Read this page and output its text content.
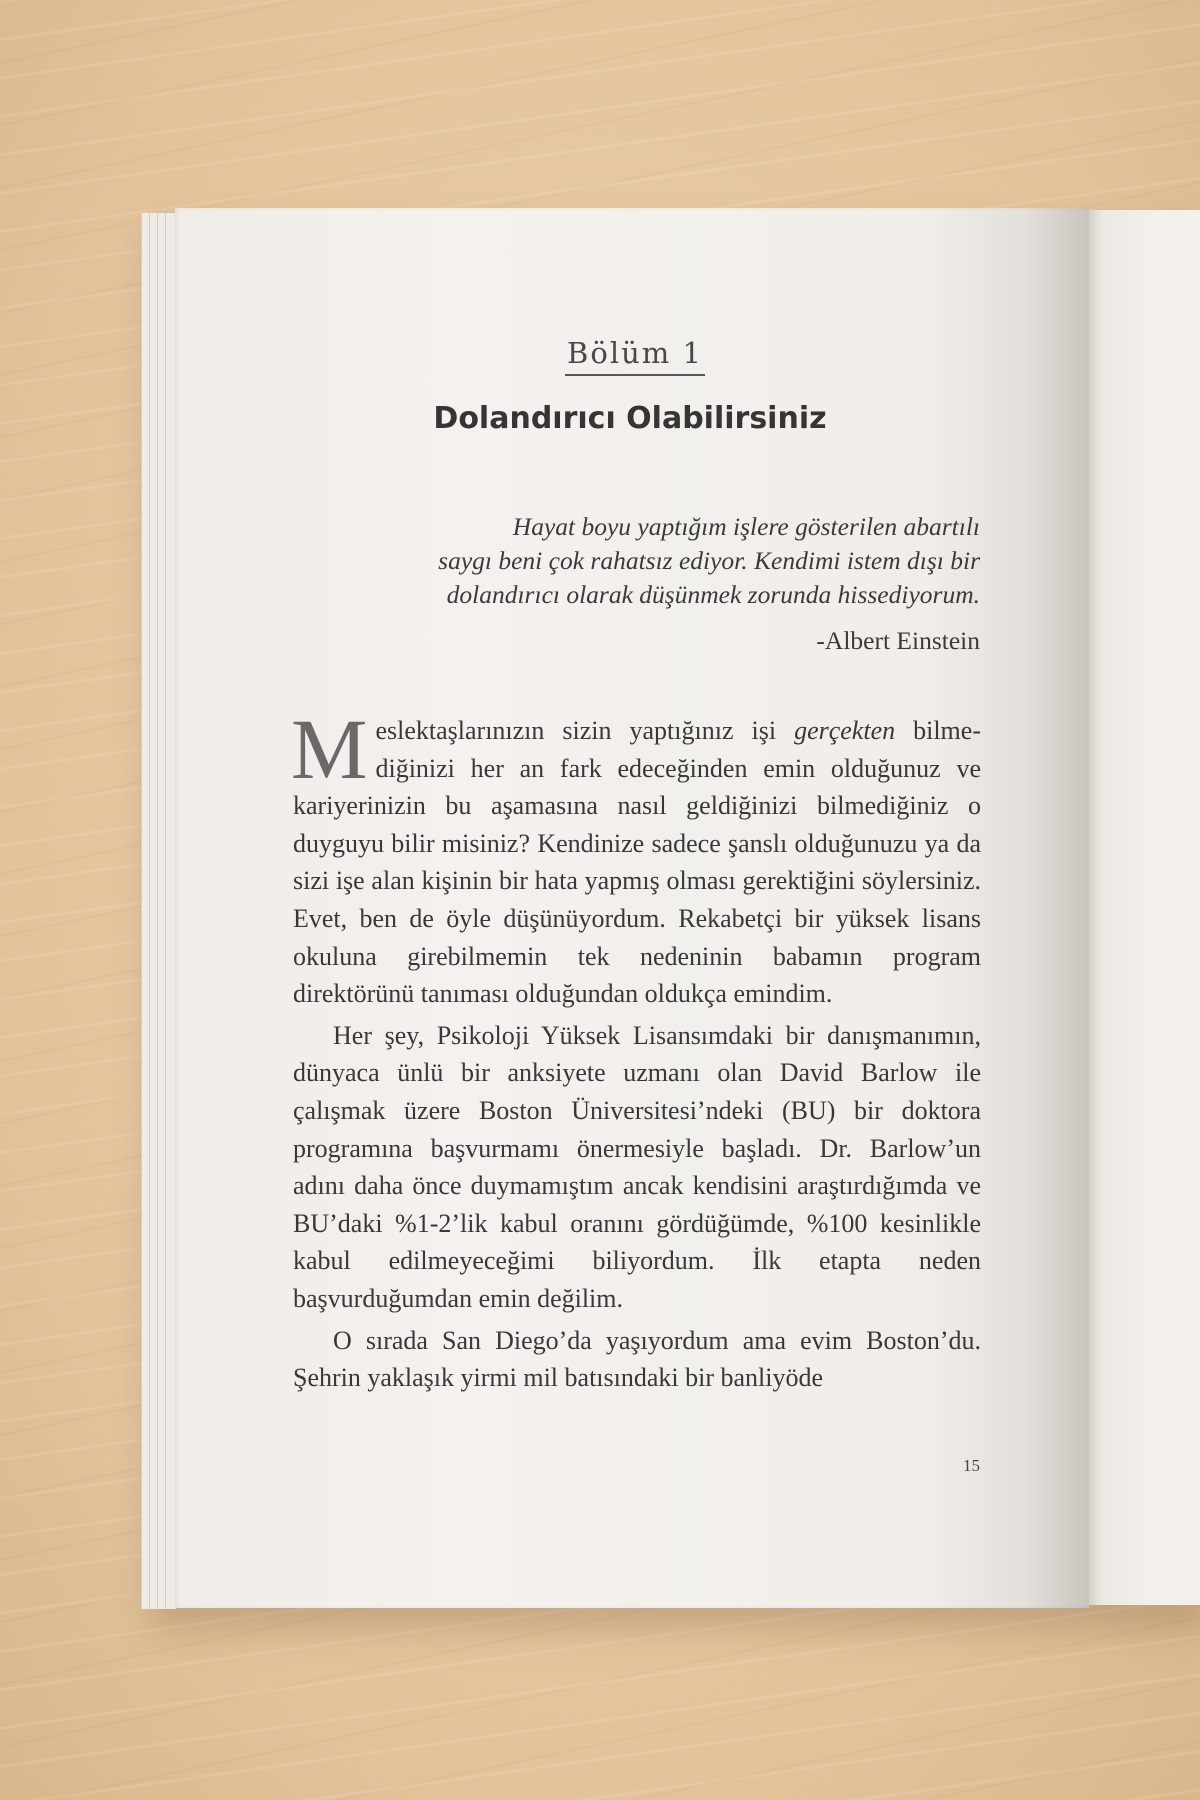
Bölüm 1
Dolandırıcı Olabilirsiniz
Hayat boyu yaptığım işlere gösterilen abartılı
saygı beni çok rahatsız ediyor. Kendimi istem dışı bir
dolandırıcı olarak düşünmek zorunda hissediyorum.
-Albert Einstein

Meslektaşlarınızın sizin yaptığınız işi gerçekten bilmediğinizi her an fark edeceğinden emin olduğunuz ve kariyerinizin bu aşamasına nasıl geldiğinizi bilmediğiniz o duyguyu bilir misiniz? Kendinize sadece şanslı olduğunuzu ya da sizi işe alan kişinin bir hata yapmış olması gerektiğini söylersiniz. Evet, ben de öyle düşünüyordum. Rekabetçi bir yüksek lisans okuluna girebilmemin tek nedeninin babamın program direktörünü tanıması olduğundan oldukça emindim.

Her şey, Psikoloji Yüksek Lisansımdaki bir danışmanımın, dünyaca ünlü bir anksiyete uzmanı olan David Barlow ile çalışmak üzere Boston Üniversitesi’ndeki (BU) bir doktora programına başvurmamı önermesiyle başladı. Dr. Barlow’un adını daha önce duymamıştım ancak kendisini araştırdığımda ve BU’daki %1-2’lik kabul oranını gördüğümde, %100 kesinlikle kabul edilmeyeceğimi biliyordum. İlk etapta neden başvurduğumdan emin değilim.

O sırada San Diego’da yaşıyordum ama evim Boston’du. Şehrin yaklaşık yirmi mil batısındaki bir banliyöde

15
